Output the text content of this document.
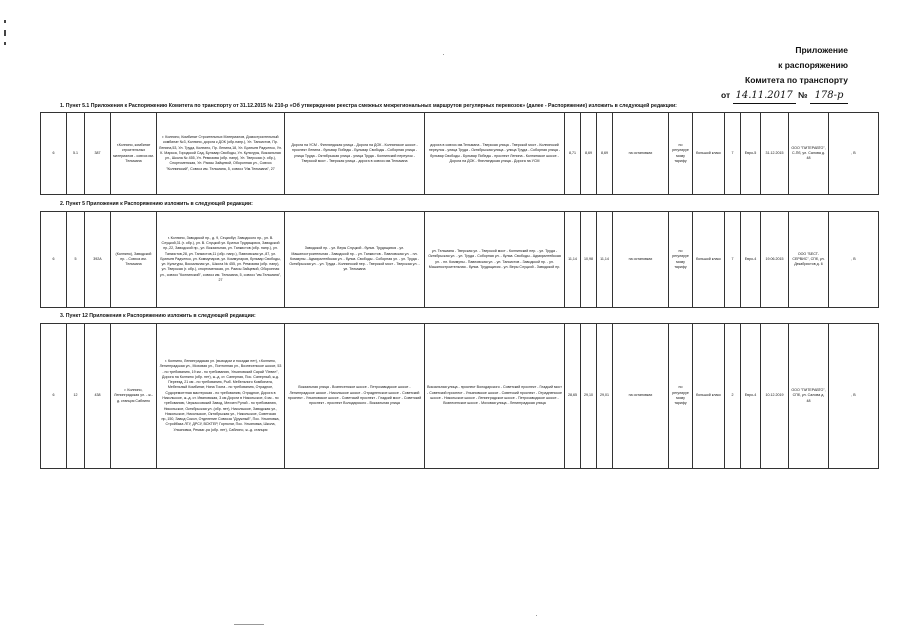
Приложение
к распоряжению
Комитета по транспорту
от 14.11.2017 № 178-р
1. Пункт 5.1 Приложения к Распоряжению Комитета по транспорту от 31.12.2015 № 210-р «Об утверждении реестра смежных межрегиональных маршрутов регулярных перевозок» (далее - Распоряжение) изложить в следующей редакции:
6	5.1	387	г.Колпино, комбинат строительных материалов - совхоз им. Тельмана	г. Колпино, Комбинат Строительных Материалов, Домостроительный комбинат №3, Колпино, дорога к ДОК (обр.напр.), Ул. Танкистов, Пр. Ленина,53, Ул. Труда, Колпино, Пр. Ленина,18, Ул. Братьев Радченко, Ул. К. Маркса, Городской Сад, Бульвар Свободы, Ул. Культуры, Вокзальная ул., Школа № 455, Ул. Ремизова (обр. напр), Ул. Тверская (г. обр.), Спортсменская, Ул. Раисы Зайцевой, Оборонная ул., Совхоз "Колпинский", Совхоз им. Тельмана, 5, совхоз "Им.Тельмана", 27	Дорога на УСМ - Финляндская улица - Дорога на ДОК - Колпинское шоссе - проспект Ленина - бульвар Победы - Бульвар Свободы - Соборная улица - улица Труда - Октябрьская улица - улица Труда - Колпинский переулок - Тверской мост - Тверская улица - дорога в совхоз им.Тельмана	дорога в совхоз им.Тельмана - Тверская улица - Тверской мост - Колпинский переулок - улица Труда - Октябрьская улица - улица Труда - Соборная улица - бульвар Свободы - Бульвар Победы - проспект Ленина - Колпинское шоссе - Дорога на ДОК - Финляндская улица - Дорога на УСМ	8,71	8,69	8,69	на остановках	по регулируемому тарифу	большой класс	7	Евро-5	31.12.2015	ООО "ПИТЕРАВТО", С-Пб, ул. Салова д. 48	, В
2. Пункт 5 Приложения к Распоряжению изложить в следующей редакции:
6	5	392А	(Колпино), Заводской пр. - Совхоз им. Тельмана	г. Колпино, Заводской пр., д. 9, Сециобуг, Заводского пр., ул. В. Слуцкой,31 (г. обр.), ул. В. Слуцкой ул. Братья Трудящихся, Заводской пр.,22, Заводской пр., ул. Вокзальная, ул. Танкистов (обр. напр.), ул. Танкистов,28, ул. Танкистов,11 (обр. напр.), Павловская ул.,87, ул. Братьев Радченко, ул. Коммунаров, ул. Коммунаров, бульвар Свободы, ул. Культуры, Вокзальная ул., Школа № 455, ул. Ремизова (обр. напр), ул. Тверская (г. обр.), спортсменская, ул. Раисы Зайцевой, Оборонная ул., совхоз "Колпинский", совхоз им. Тельмана, 5, совхоз "им.Тельмана", 27	Заводской пр. - ул. Веры Слуцкой - бульв. Трудящихся - ул. Машиностроительная - Заводской пр. - ул. Танкистов - Павловская ул. - пл. Коммуны - Адмиралтейская ул. - бульв. Свободы - Соборная ул. - ул. Труда - Октябрьская ул. - ул. Труда - Колпинский пер. - Тверской мост - Тверская ул. - ул. Тельмана	ул. Тельмана - Тверская ул. - Тверской мост - Колпинский пер. - ул. Труда - Октябрьская ул. - ул. Труда - Соборная ул. - бульв. Свободы - Адмиралтейская ул. - пл. Коммуны - Павловская ул. - ул. Танкистов - Заводской пр. - ул. Машиностроительная - бульв. Трудящихся - ул. Веры Слуцкой - Заводской пр.	11,14	10,98	11,14	на остановках	по регулируемому тарифу	большой класс	7	Евро-4	19.06.2015	ООО "БЕСТ-СЕРВИС", СПб, ул. Декабристов д. 6	, В
3. Пункт 12 Приложения к Распоряжению изложить в следующей редакции:
6	12	438	г. Колпино, Ленинградская ул. - ж.-д. станция Саблино	г. Колпино, Ленинградская ул. (выходом и посадки нет), г.Колпино, Ленинградская ул., Моховая ул., Понтонная ул., Вознесенское шоссе, 53 - по требованию, 19 км - по требованию, Ульяновский Сарай "Левел", Дорога на Колпино (обр. нет), ж.-д. ст. Саперная, Пос. Саперный, ж.д. Переезд, 21 км - по требованию, Рыб. Мебельного Комбината, Мебельный Комбинат, Нина Тосна - по требованию, Отрадное, Судоремонтная мастерская - по требованию, Отрадное, Дорога в Никольское, ж.-д. ст. Ивановская, 3 км Дороги в Никольское, 6 км - по требованию, Черкассовский Завод, Мехзен Рулсй - по требованию, Никольское, Октябрьская ул. (обр. нет), Никольское, Заводская ул., Никольское, Никольское, Октябрьская ул., Никольское, Советская пр.,150, Завод Сокол, Отделение Совхоза "Дружный", Пос. Ульяновка, Стройбаза ЛГУ, ДРСУ, ВОХТЕР, Горнолаг, Пос. Ульяновка, Школа, Ульяновка, Ремзаг-ра (обр. нет), Саблино, ж.-д. станция	Вокзальная улица - Вознесенское шоссе - Петрозаводское шоссе - Ленинградское шоссе - Никольское шоссе - Отрадненское шоссе - Советский проспект - Ульяновское шоссе - Советский проспект - Гладкий мост - Советский проспект - проспект Володарского - Вокзальная улица	Вокзальная улица - проспект Володарского - Советский проспект - Гладкий мост - Советский проспект - Ульяновское шоссе - Советский проспект - Отрадненское шоссе - Никольское шоссе - Ленинградское шоссе - Петрозаводское шоссе - Вознесенское шоссе - Моховая улица - Ленинградская улица	28,65	29,10	29,01	на остановках	по регулируемому тарифу	большой класс	2	Евро-4	10.12.2019	ООО "ПИТЕРАВТО", СПб, ул. Салова д. 48	, В
